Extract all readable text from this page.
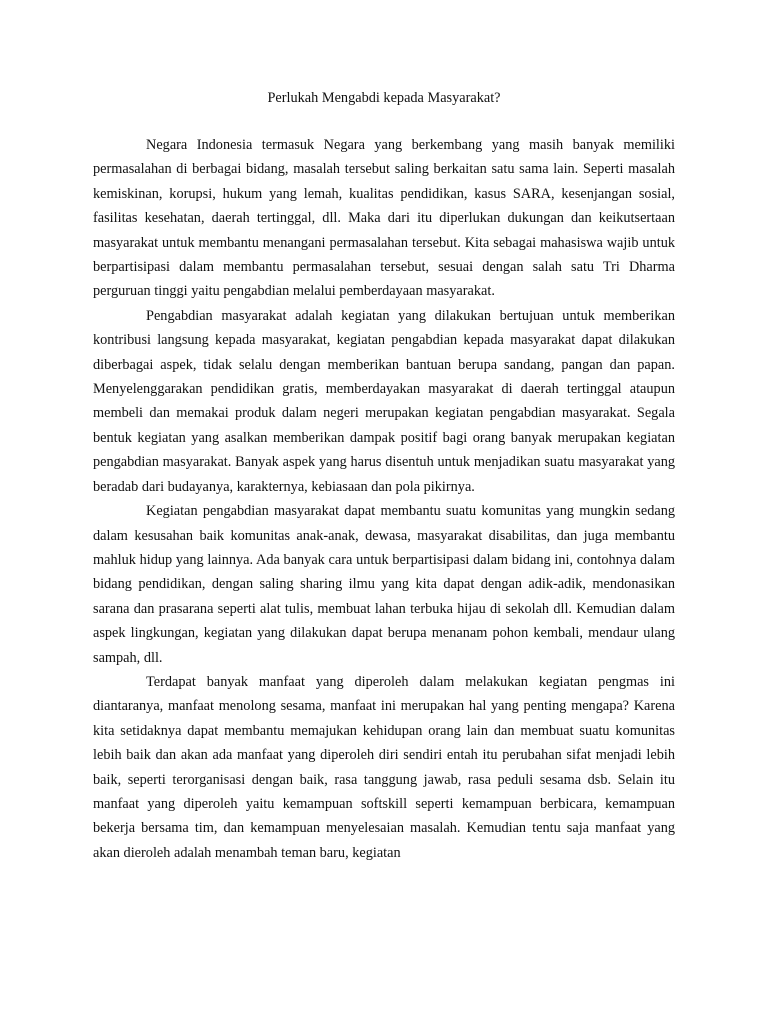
Perlukah Mengabdi kepada Masyarakat?

Negara Indonesia termasuk Negara yang berkembang yang masih banyak memiliki permasalahan di berbagai bidang, masalah tersebut saling berkaitan satu sama lain. Seperti masalah kemiskinan, korupsi, hukum yang lemah, kualitas pendidikan, kasus SARA, kesenjangan sosial, fasilitas kesehatan, daerah tertinggal, dll. Maka dari itu diperlukan dukungan dan keikutsertaan masyarakat untuk membantu menangani permasalahan tersebut. Kita sebagai mahasiswa wajib untuk berpartisipasi dalam membantu permasalahan tersebut, sesuai dengan salah satu Tri Dharma perguruan tinggi yaitu pengabdian melalui pemberdayaan masyarakat.

Pengabdian masyarakat adalah kegiatan yang dilakukan bertujuan untuk memberikan kontribusi langsung kepada masyarakat, kegiatan pengabdian kepada masyarakat dapat dilakukan diberbagai aspek, tidak selalu dengan memberikan bantuan berupa sandang, pangan dan papan. Menyelenggarakan pendidikan gratis, memberdayakan masyarakat di daerah tertinggal ataupun membeli dan memakai produk dalam negeri merupakan kegiatan pengabdian masyarakat. Segala bentuk kegiatan yang asalkan memberikan dampak positif bagi orang banyak merupakan kegiatan pengabdian masyarakat. Banyak aspek yang harus disentuh untuk menjadikan suatu masyarakat yang beradab dari budayanya, karakternya, kebiasaan dan pola pikirnya.

Kegiatan pengabdian masyarakat dapat membantu suatu komunitas yang mungkin sedang dalam kesusahan baik komunitas anak-anak, dewasa, masyarakat disabilitas, dan juga membantu mahluk hidup yang lainnya. Ada banyak cara untuk berpartisipasi dalam bidang ini, contohnya dalam bidang pendidikan, dengan saling sharing ilmu yang kita dapat dengan adik-adik, mendonasikan sarana dan prasarana seperti alat tulis, membuat lahan terbuka hijau di sekolah dll. Kemudian dalam aspek lingkungan, kegiatan yang dilakukan dapat berupa menanam pohon kembali, mendaur ulang sampah, dll.

Terdapat banyak manfaat yang diperoleh dalam melakukan kegiatan pengmas ini diantaranya, manfaat menolong sesama, manfaat ini merupakan hal yang penting mengapa? Karena kita setidaknya dapat membantu memajukan kehidupan orang lain dan membuat suatu komunitas lebih baik dan akan ada manfaat yang diperoleh diri sendiri entah itu perubahan sifat menjadi lebih baik, seperti terorganisasi dengan baik, rasa tanggung jawab, rasa peduli sesama dsb. Selain itu manfaat yang diperoleh yaitu kemampuan softskill seperti kemampuan berbicara, kemampuan bekerja bersama tim, dan kemampuan menyelesaian masalah. Kemudian tentu saja manfaat yang akan dieroleh adalah menambah teman baru, kegiatan
